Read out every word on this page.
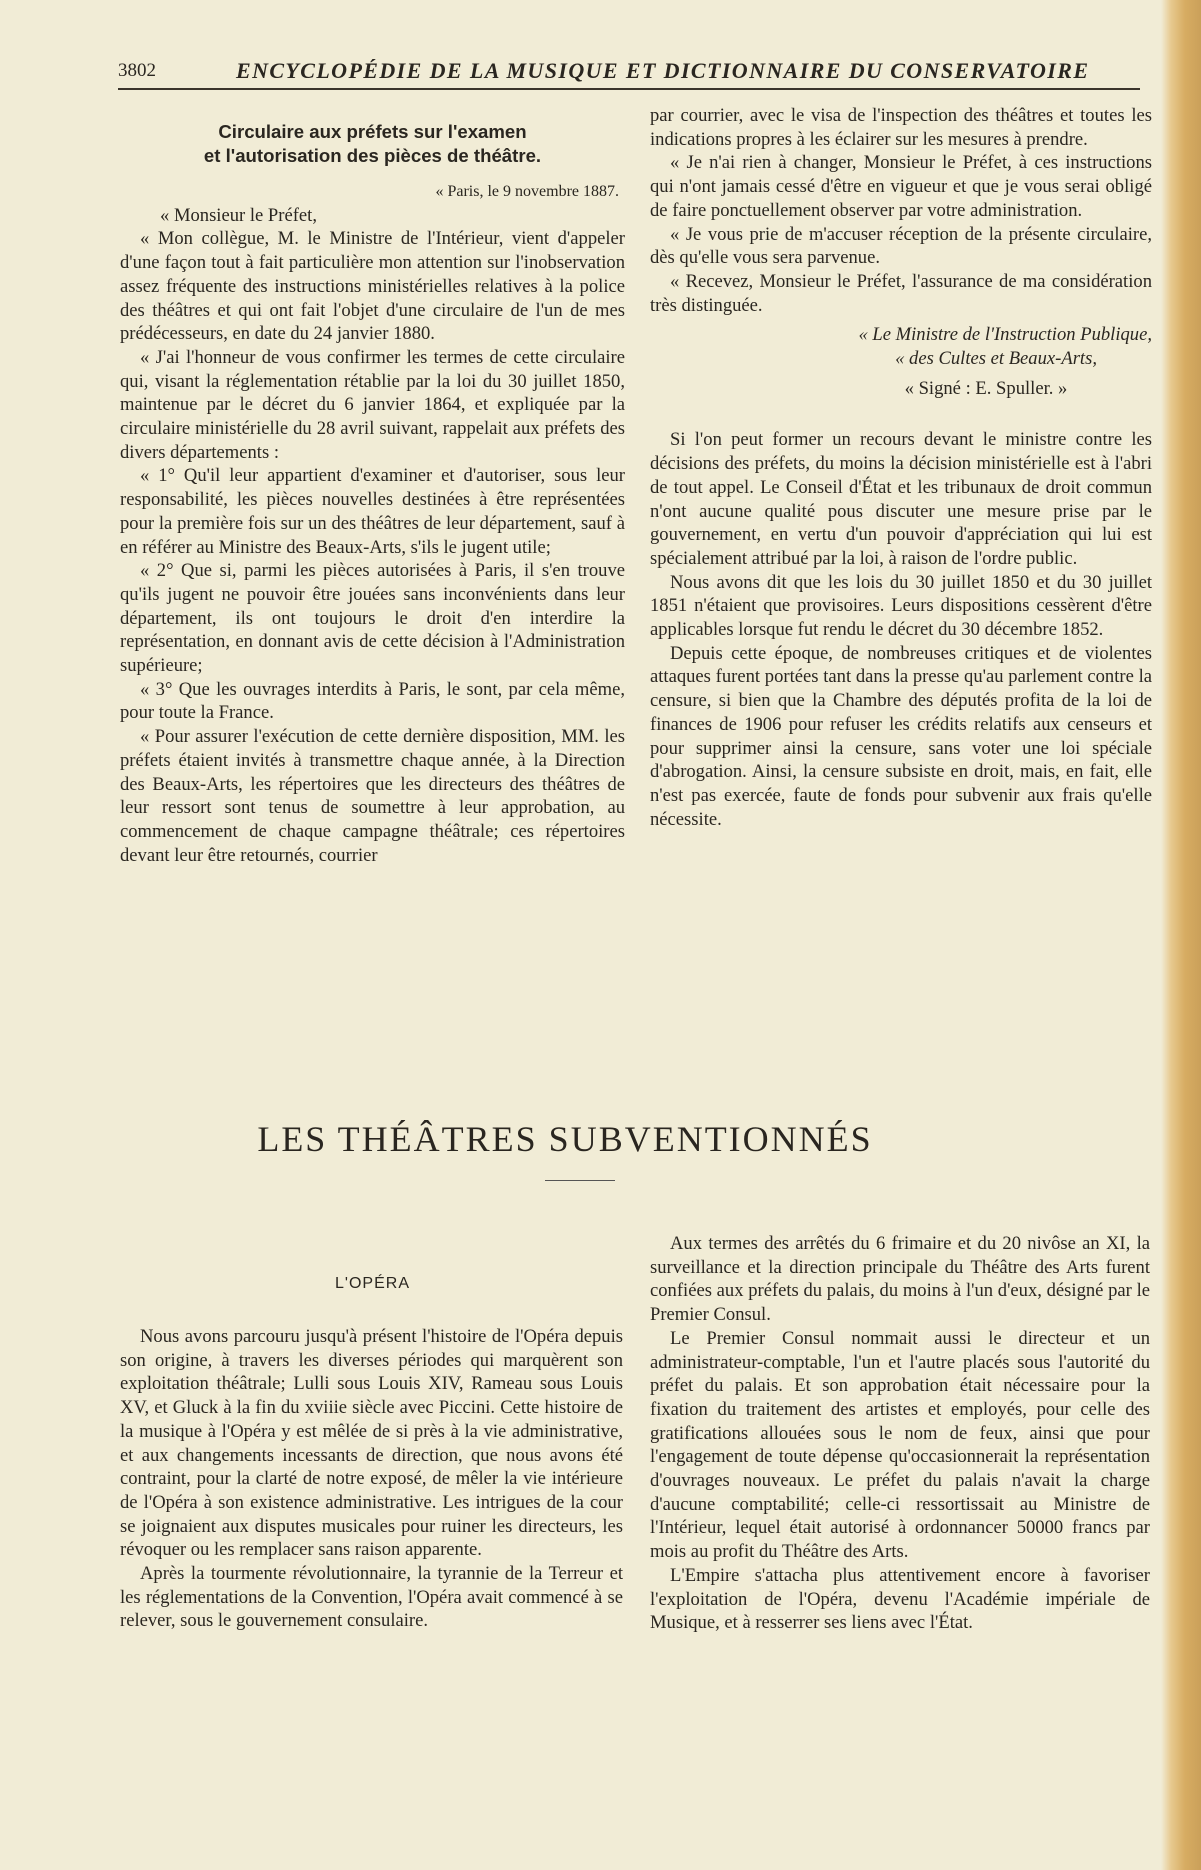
3802	ENCYCLOPÉDIE DE LA MUSIQUE ET DICTIONNAIRE DU CONSERVATOIRE
Circulaire aux préfets sur l'examen
et l'autorisation des pièces de théâtre.
« Paris, le 9 novembre 1887.

« Monsieur le Préfet,

« Mon collègue, M. le Ministre de l'Intérieur, vient d'appeler d'une façon tout à fait particulière mon attention sur l'inobservation assez fréquente des instructions ministérielles relatives à la police des théâtres et qui ont fait l'objet d'une circulaire de l'un de mes prédécesseurs, en date du 24 janvier 1880.

« J'ai l'honneur de vous confirmer les termes de cette circulaire qui, visant la réglementation rétablie par la loi du 30 juillet 1850, maintenue par le décret du 6 janvier 1864, et expliquée par la circulaire ministérielle du 28 avril suivant, rappelait aux préfets des divers départements :

« 1° Qu'il leur appartient d'examiner et d'autoriser, sous leur responsabilité, les pièces nouvelles destinées à être représentées pour la première fois sur un des théâtres de leur département, sauf à en référer au Ministre des Beaux-Arts, s'ils le jugent utile;

« 2° Que si, parmi les pièces autorisées à Paris, il s'en trouve qu'ils jugent ne pouvoir être jouées sans inconvénients dans leur département, ils ont toujours le droit d'en interdire la représentation, en donnant avis de cette décision à l'Administration supérieure;

« 3° Que les ouvrages interdits à Paris, le sont, par cela même, pour toute la France.

« Pour assurer l'exécution de cette dernière disposition, MM. les préfets étaient invités à transmettre chaque année, à la Direction des Beaux-Arts, les répertoires que les directeurs des théâtres de leur ressort sont tenus de soumettre à leur approbation, au commencement de chaque campagne théâtrale; ces répertoires devant leur être retournés, courrier

par courrier, avec le visa de l'inspection des théâtres et toutes les indications propres à les éclairer sur les mesures à prendre.

« Je n'ai rien à changer, Monsieur le Préfet, à ces instructions qui n'ont jamais cessé d'être en vigueur et que je vous serai obligé de faire ponctuellement observer par votre administration.

« Je vous prie de m'accuser réception de la présente circulaire, dès qu'elle vous sera parvenue.

« Recevez, Monsieur le Préfet, l'assurance de ma considération très distinguée.

« Le Ministre de l'Instruction Publique,

« des Cultes et Beaux-Arts,

« Signé : E. Spuller. »

Si l'on peut former un recours devant le ministre contre les décisions des préfets, du moins la décision ministérielle est à l'abri de tout appel. Le Conseil d'État et les tribunaux de droit commun n'ont aucune qualité pous discuter une mesure prise par le gouvernement, en vertu d'un pouvoir d'appréciation qui lui est spécialement attribué par la loi, à raison de l'ordre public.

Nous avons dit que les lois du 30 juillet 1850 et du 30 juillet 1851 n'étaient que provisoires. Leurs dispositions cessèrent d'être applicables lorsque fut rendu le décret du 30 décembre 1852.

Depuis cette époque, de nombreuses critiques et de violentes attaques furent portées tant dans la presse qu'au parlement contre la censure, si bien que la Chambre des députés profita de la loi de finances de 1906 pour refuser les crédits relatifs aux censeurs et pour supprimer ainsi la censure, sans voter une loi spéciale d'abrogation. Ainsi, la censure subsiste en droit, mais, en fait, elle n'est pas exercée, faute de fonds pour subvenir aux frais qu'elle nécessite.

LES THÉÂTRES SUBVENTIONNÉS
L'OPÉRA

Nous avons parcouru jusqu'à présent l'histoire de l'Opéra depuis son origine, à travers les diverses périodes qui marquèrent son exploitation théâtrale; Lulli sous Louis XIV, Rameau sous Louis XV, et Gluck à la fin du xviiie siècle avec Piccini. Cette histoire de la musique à l'Opéra y est mêlée de si près à la vie administrative, et aux changements incessants de direction, que nous avons été contraint, pour la clarté de notre exposé, de mêler la vie intérieure de l'Opéra à son existence administrative. Les intrigues de la cour se joignaient aux disputes musicales pour ruiner les directeurs, les révoquer ou les remplacer sans raison apparente.

Après la tourmente révolutionnaire, la tyrannie de la Terreur et les réglementations de la Convention, l'Opéra avait commencé à se relever, sous le gouvernement consulaire.

Aux termes des arrêtés du 6 frimaire et du 20 nivôse an XI, la surveillance et la direction principale du Théâtre des Arts furent confiées aux préfets du palais, du moins à l'un d'eux, désigné par le Premier Consul.

Le Premier Consul nommait aussi le directeur et un administrateur-comptable, l'un et l'autre placés sous l'autorité du préfet du palais. Et son approbation était nécessaire pour la fixation du traitement des artistes et employés, pour celle des gratifications allouées sous le nom de feux, ainsi que pour l'engagement de toute dépense qu'occasionnerait la représentation d'ouvrages nouveaux. Le préfet du palais n'avait la charge d'aucune comptabilité; celle-ci ressortissait au Ministre de l'Intérieur, lequel était autorisé à ordonnancer 50000 francs par mois au profit du Théâtre des Arts.

L'Empire s'attacha plus attentivement encore à favoriser l'exploitation de l'Opéra, devenu l'Académie impériale de Musique, et à resserrer ses liens avec l'État.
